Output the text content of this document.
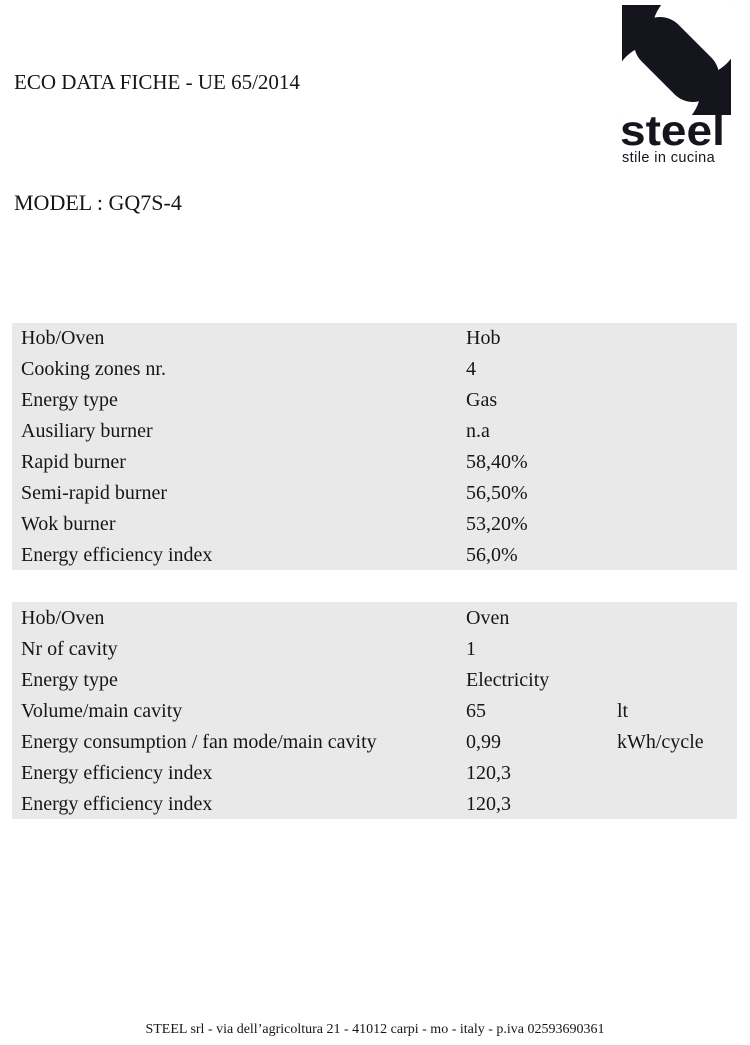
ECO DATA FICHE - UE 65/2014
steel
stile in cucina
MODEL : GQ7S-4
Hob/Oven	Hob
Cooking zones nr.	4
Energy type	Gas
Ausiliary burner	n.a
Rapid burner	58,40%
Semi-rapid burner	56,50%
Wok burner	53,20%
Energy efficiency index	56,0%
Hob/Oven	Oven
Nr of cavity	1
Energy type	Electricity
Volume/main cavity	65	lt
Energy consumption / fan mode/main cavity	0,99	kWh/cycle
Energy efficiency index	120,3
Energy efficiency index	120,3
STEEL srl - via dell’agricoltura 21 - 41012 carpi - mo - italy - p.iva 02593690361
